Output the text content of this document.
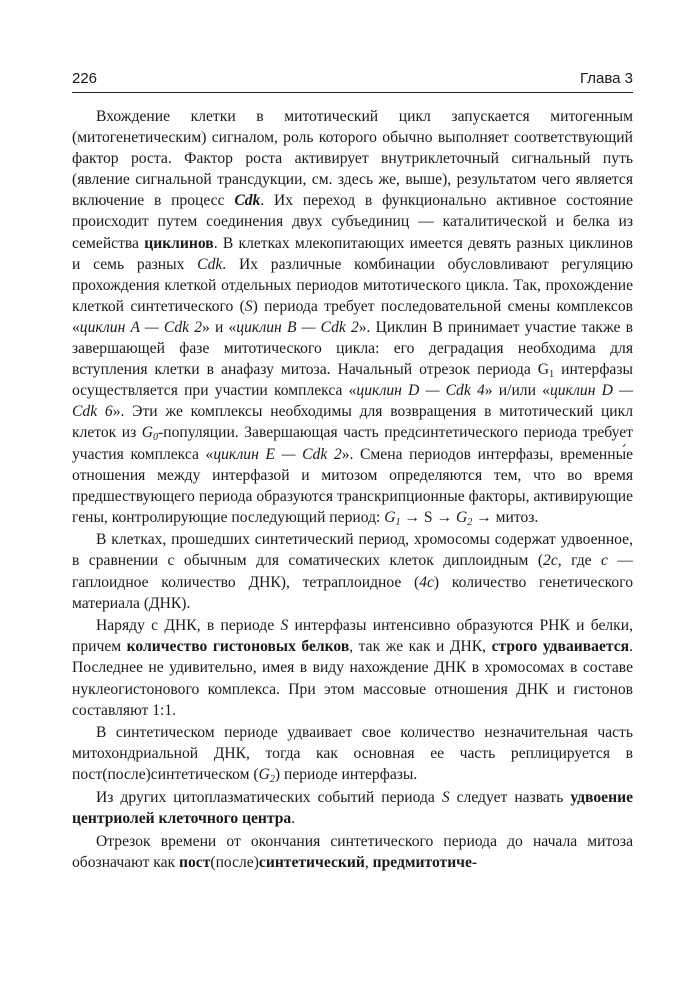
226	Глава 3

Вхождение клетки в митотический цикл запускается митогенным (митогенетическим) сигналом, роль которого обычно выполняет соответствующий фактор роста. Фактор роста активирует внутриклеточный сигнальный путь (явление сигнальной трансдукции, см. здесь же, выше), результатом чего является включение в процесс Cdk. Их переход в функционально активное состояние происходит путем соединения двух субъединиц — каталитической и белка из семейства циклинов. В клетках млекопитающих имеется девять разных циклинов и семь разных Cdk. Их различные комбинации обусловливают регуляцию прохождения клеткой отдельных периодов митотического цикла. Так, прохождение клеткой синтетического (S) периода требует последовательной смены комплексов «циклин A — Cdk 2» и «циклин B — Cdk 2». Циклин B принимает участие также в завершающей фазе митотического цикла: его деградация необходима для вступления клетки в анафазу митоза. Начальный отрезок периода $G_1$ интерфазы осуществляется при участии комплекса «циклин D — Cdk 4» и/или «циклин D — Cdk 6». Эти же комплексы необходимы для возвращения в митотический цикл клеток из $G_0$-популяции. Завершающая часть предсинтетического периода требует участия комплекса «циклин E — Cdk 2». Смена периодов интерфазы, временны́е отношения между интерфазой и митозом определяются тем, что во время предшествующего периода образуются транскрипционные факторы, активирующие гены, контролирующие последующий период: $G_1 \to S \to G_2$ → митоз.

В клетках, прошедших синтетический период, хромосомы содержат удвоенное, в сравнении с обычным для соматических клеток диплоидным (2c, где c — гаплоидное количество ДНК), тетраплоидное (4c) количество генетического материала (ДНК).

Наряду с ДНК, в периоде S интерфазы интенсивно образуются РНК и белки, причем количество гистоновых белков, так же как и ДНК, строго удваивается. Последнее не удивительно, имея в виду нахождение ДНК в хромосомах в составе нуклеогистонового комплекса. При этом массовые отношения ДНК и гистонов составляют 1:1.

В синтетическом периоде удваивает свое количество незначительная часть митохондриальной ДНК, тогда как основная ее часть реплицируется в пост(после)синтетическом $(G_2)$ периоде интерфазы.

Из других цитоплазматических событий периода S следует назвать удвоение центриолей клеточного центра.

Отрезок времени от окончания синтетического периода до начала митоза обозначают как пост(после)синтетический, предмитотиче-
